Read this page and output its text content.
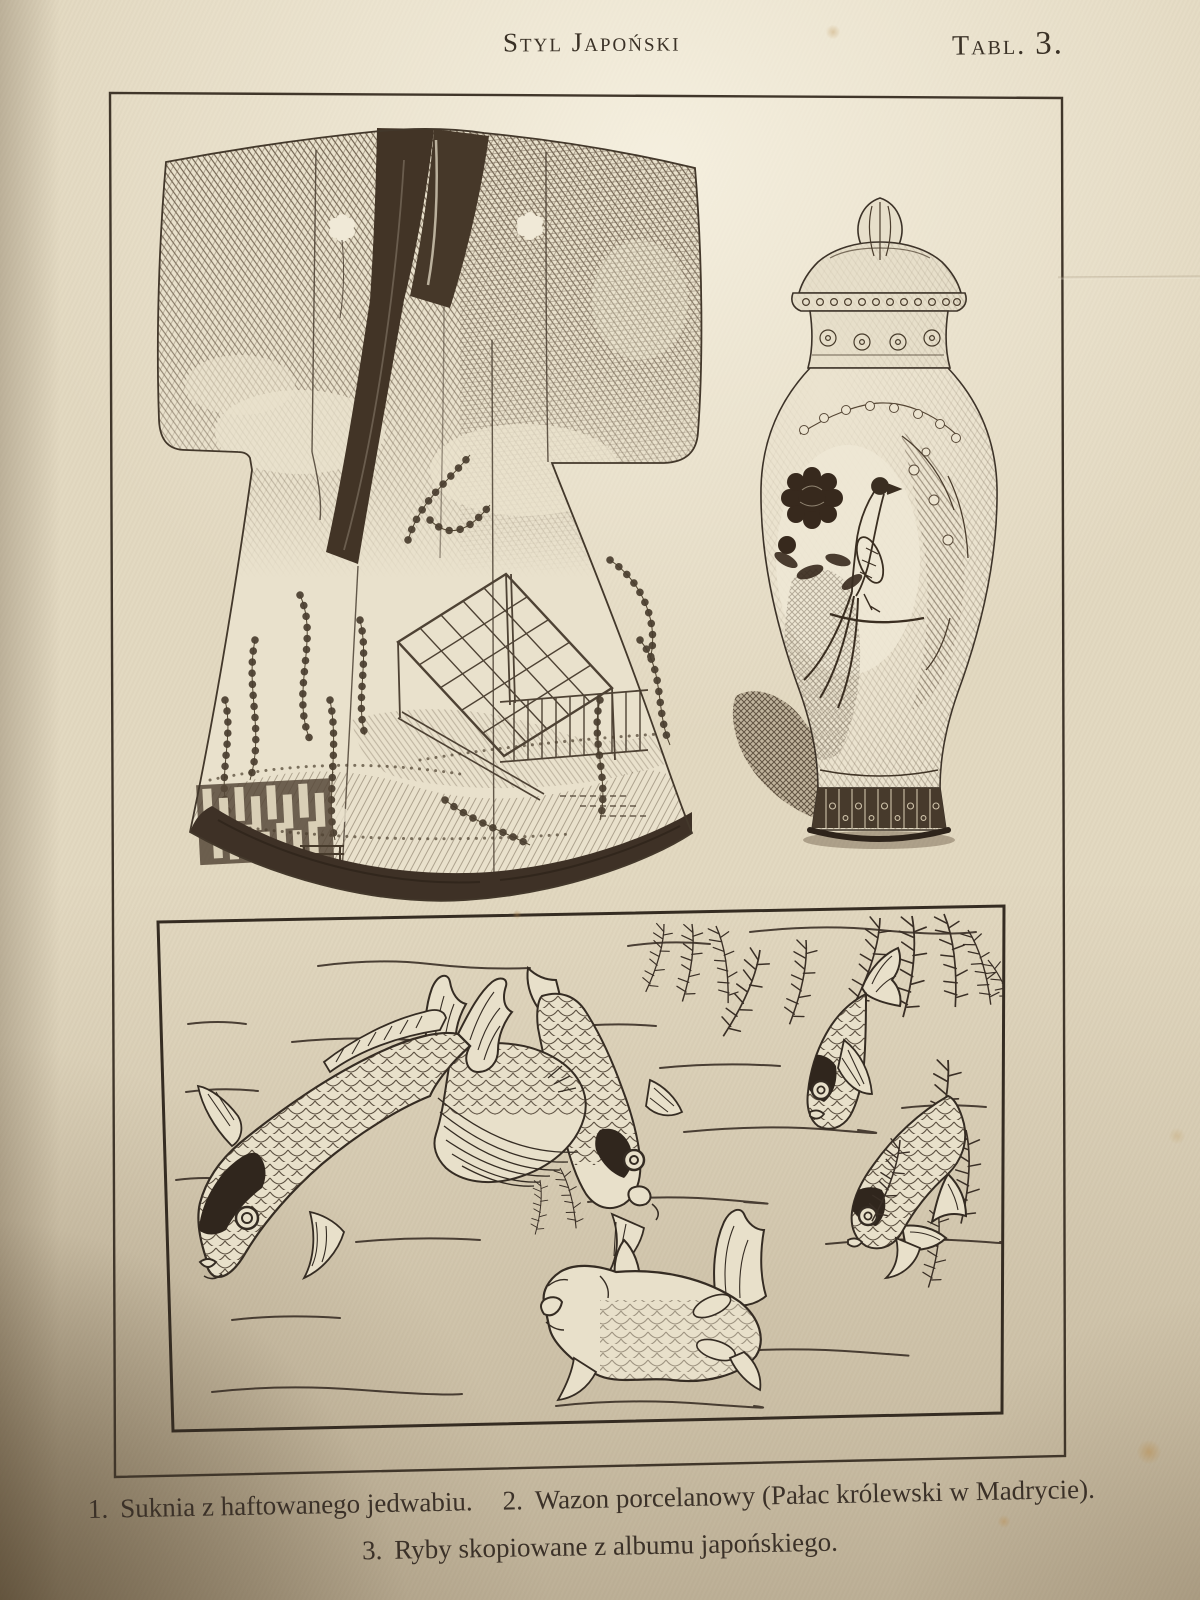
Styl Japoński	Tabl. 3.
1. Suknia z haftowanego jedwabiu. 2. Wazon porcelanowy (Pałac królewski w Madrycie).
3. Ryby skopiowane z albumu japońskiego.
